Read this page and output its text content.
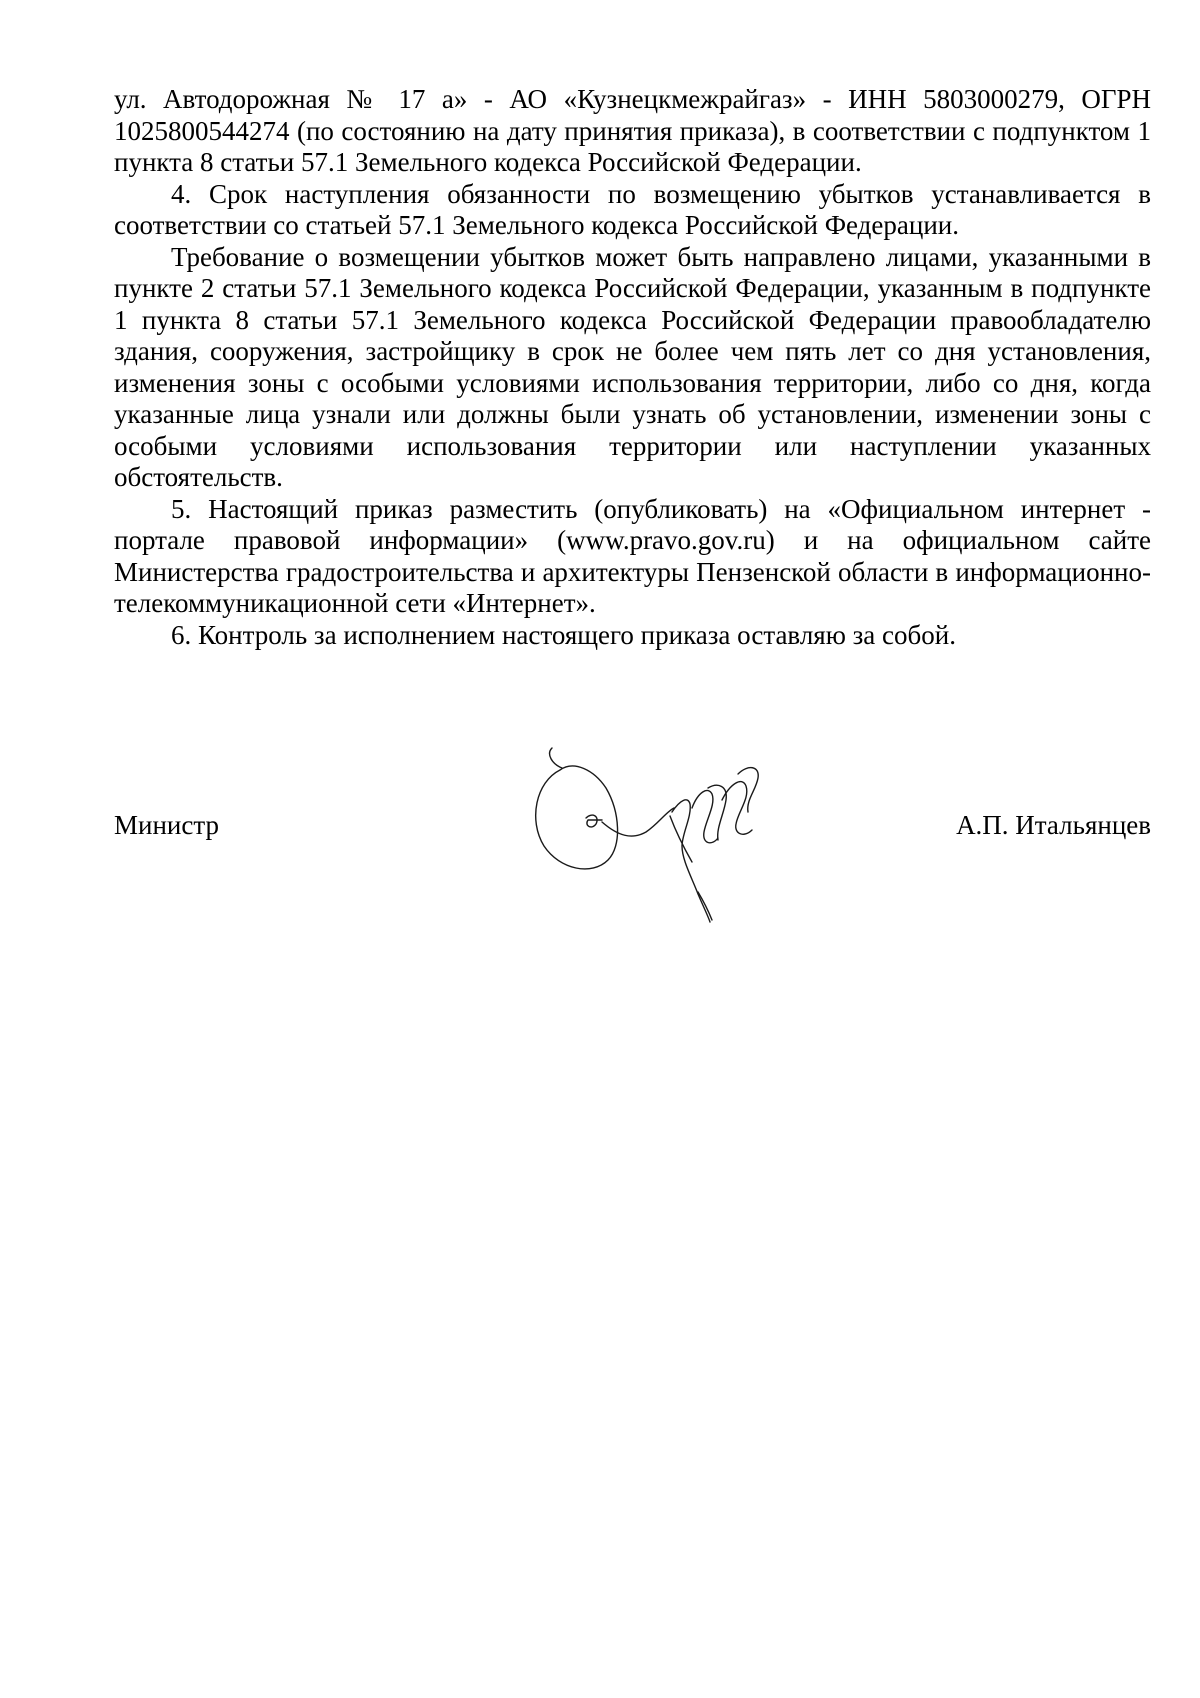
ул. Автодорожная № 17 а» - АО «Кузнецкмежрайгаз» - ИНН 5803000279, ОГРН 1025800544274 (по состоянию на дату принятия приказа), в соответствии с подпунктом 1 пункта 8 статьи 57.1 Земельного кодекса Российской Федерации.

4. Срок наступления обязанности по возмещению убытков устанавливается в соответствии со статьей 57.1 Земельного кодекса Российской Федерации.

Требование о возмещении убытков может быть направлено лицами, указанными в пункте 2 статьи 57.1 Земельного кодекса Российской Федерации, указанным в подпункте 1 пункта 8 статьи 57.1 Земельного кодекса Российской Федерации правообладателю здания, сооружения, застройщику в срок не более чем пять лет со дня установления, изменения зоны с особыми условиями использования территории, либо со дня, когда указанные лица узнали или должны были узнать об установлении, изменении зоны с особыми условиями использования территории или наступлении указанных обстоятельств.

5. Настоящий приказ разместить (опубликовать) на «Официальном интернет - портале правовой информации» (www.pravo.gov.ru) и на официальном сайте Министерства градостроительства и архитектуры Пензенской области в информационно-телекоммуникационной сети «Интернет».

6. Контроль за исполнением настоящего приказа оставляю за собой.

Министр	А.П. Итальянцев
